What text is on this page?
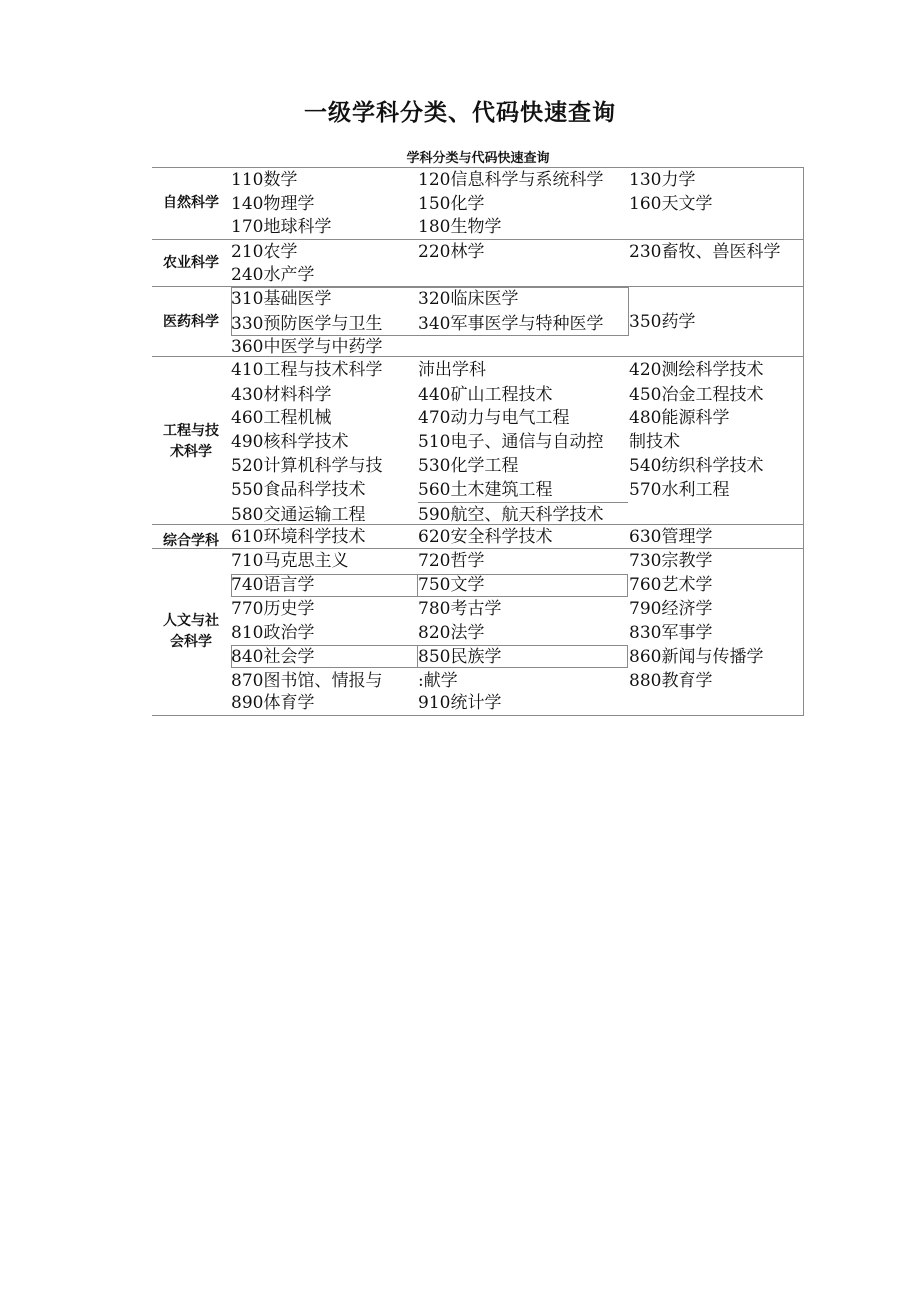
一级学科分类、代码快速查询
学科分类与代码快速查询
自然科学
110数学	120信息科学与系统科学 130力学
140物理学	150化学	160天文学
170地球科学	180生物学
农业科学
210农学	220林学	230畜牧、兽医科学
240水产学
医药科学
310基础医学	320临床医学
330预防医学与卫生 340军事医学与特种医学 350药学
360中医学与中药学
工程与技
术科学
410工程与技术科学 沛出学科	420测绘科学技术
430材料科学	440矿山工程技术	450冶金工程技术
460工程机械	470动力与电气工程	480能源科学
490核科学技术	510电子、通信与自动控 制技术
520计算机科学与技 530化学工程	540纺织科学技术
550食品科学技术	560土木建筑工程	570水利工程
580交通运输工程	590航空、航天科学技术
综合学科 610环境科学技术	620安全科学技术	630管理学
人文与社
会科学
710马克思主义	720哲学	730宗教学
740语言学	750文学	760艺术学
770历史学	780考古学	790经济学
810政治学	820法学	830军事学
840社会学	850民族学	860新闻与传播学
870图书馆、情报与 :献学	880教育学
890体育学	910统计学
